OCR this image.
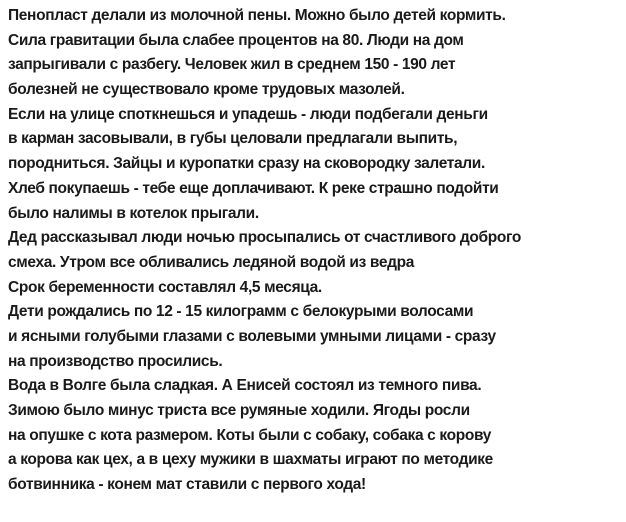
Пенопласт делали из молочной пены. Можно было детей кормить.
Сила гравитации была слабее процентов на 80. Люди на дом
запрыгивали с разбегу. Человек жил в среднем 150 - 190 лет
болезней не существовало кроме трудовых мазолей.
Если на улице споткнешься и упадешь - люди подбегали деньги
в карман засовывали, в губы целовали предлагали выпить,
породниться. Зайцы и куропатки сразу на сковородку залетали.
Хлеб покупаешь - тебе еще доплачивают. К реке страшно подойти
было налимы в котелок прыгали.
Дед рассказывал люди ночью просыпались от счастливого доброго
смеха. Утром все обливались ледяной водой из ведра
Срок беременности составлял 4,5 месяца.
Дети рождались по 12 - 15 килограмм с белокурыми волосами
и ясными голубыми глазами с волевыми умными лицами - сразу
на производство просились.
Вода в Волге была сладкая. А Енисей состоял из темного пива.
Зимою было минус триста все румяные ходили. Ягоды росли
на опушке с кота размером. Коты были с собаку, собака с корову
а корова как цех, а в цеху мужики в шахматы играют по методике
ботвинника - конем мат ставили с первого хода!
